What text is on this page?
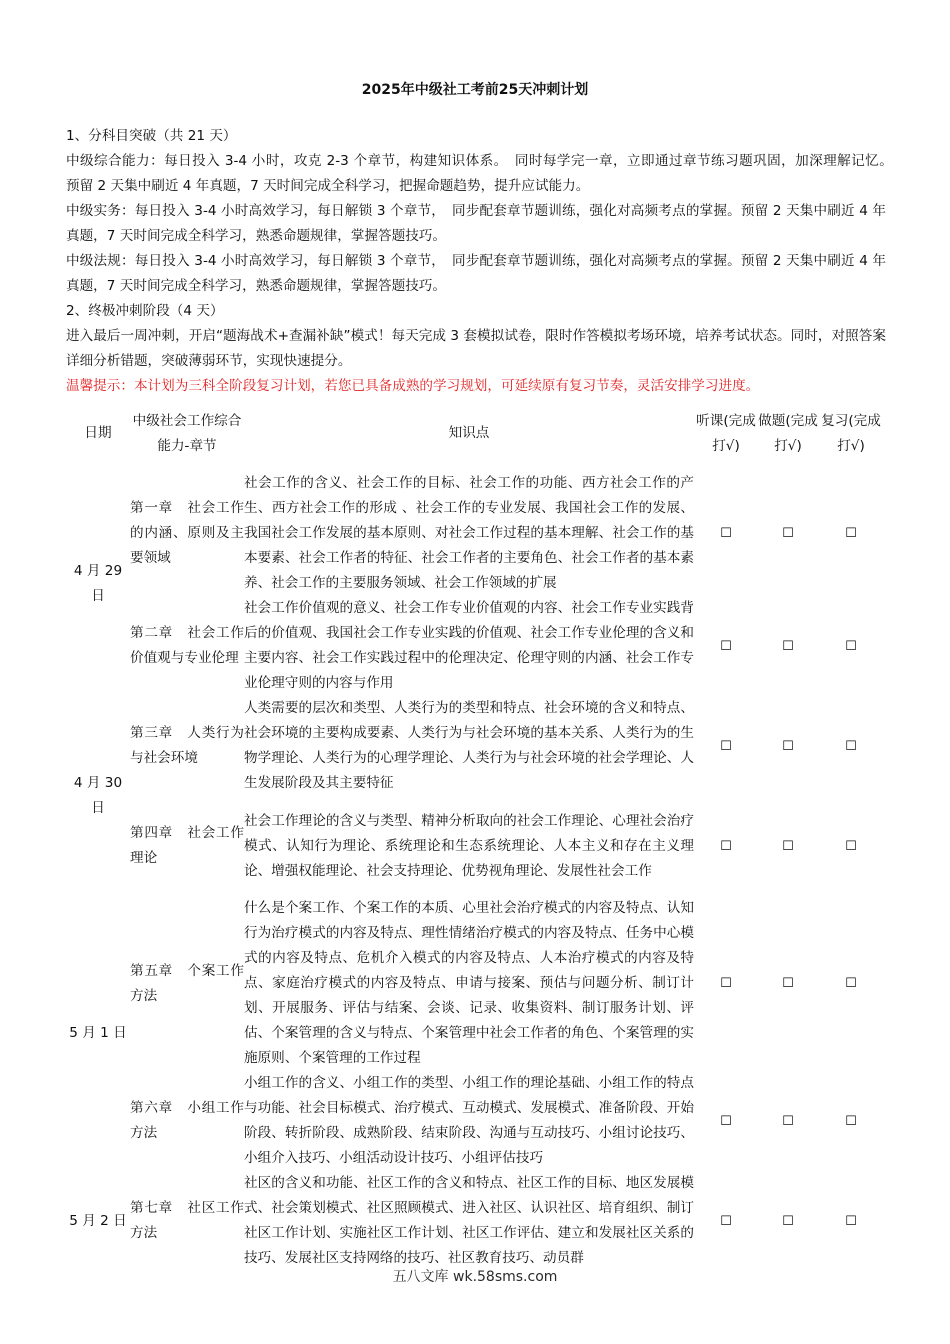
2025年中级社工考前25天冲刺计划

1、分科目突破（共 21 天）

中级综合能力：每日投入 3-4 小时，攻克 2-3 个章节，构建知识体系。　同时每学完一章，立即通过章节练习题巩固，加深理解记忆。　预留 2 天集中刷近 4 年真题，7 天时间完成全科学习，把握命题趋势，提升应试能力。

中级实务：每日投入 3-4 小时高效学习，每日解锁 3 个章节，　同步配套章节题训练，强化对高频考点的掌握。预留 2 天集中刷近 4 年真题，7 天时间完成全科学习，熟悉命题规律，掌握答题技巧。

中级法规：每日投入 3-4 小时高效学习，每日解锁 3 个章节，　同步配套章节题训练，强化对高频考点的掌握。预留 2 天集中刷近 4 年真题，7 天时间完成全科学习，熟悉命题规律，掌握答题技巧。

2、终极冲刺阶段（4 天）

进入最后一周冲刺，开启“题海战术+查漏补缺”模式！每天完成 3 套模拟试卷，限时作答模拟考场环境，培养考试状态。同时，对照答案详细分析错题，突破薄弱环节，实现快速提分。

温馨提示：本计划为三科全阶段复习计划，若您已具备成熟的学习规划，可延续原有复习节奏，灵活安排学习进度。

日期	中级社会工作综合能力-章节	知识点	听课(完成打√)	做题(完成打√)	复习(完成打√)
4 月 29 日	第一章　社会工作的内涵、原则及主要领域	社会工作的含义、社会工作的目标、社会工作的功能、西方社会工作的产生、西方社会工作的形成 、社会工作的专业发展、我国社会工作的发展、我国社会工作发展的基本原则、对社会工作过程的基本理解、社会工作的基本要素、社会工作者的特征、社会工作者的主要角色、社会工作者的基本素养、社会工作的主要服务领域、社会工作领域的扩展	☐	☐	☐
	第二章　社会工作价值观与专业伦理	社会工作价值观的意义、社会工作专业价值观的内容、社会工作专业实践背后的价值观、我国社会工作专业实践的价值观、社会工作专业伦理的含义和主要内容、社会工作实践过程中的伦理决定、伦理守则的内涵、社会工作专业伦理守则的内容与作用	☐	☐	☐
4 月 30 日	第三章　人类行为与社会环境	人类需要的层次和类型、人类行为的类型和特点、社会环境的含义和特点、社会环境的主要构成要素、人类行为与社会环境的基本关系、人类行为的生物学理论、人类行为的心理学理论、人类行为与社会环境的社会学理论、人生发展阶段及其主要特征	☐	☐	☐
	第四章　社会工作理论	社会工作理论的含义与类型、精神分析取向的社会工作理论、心理社会治疗模式、认知行为理论、系统理论和生态系统理论、人本主义和存在主义理论、增强权能理论、社会支持理论、优势视角理论、发展性社会工作	☐	☐	☐
5 月 1 日	第五章　个案工作方法	什么是个案工作、个案工作的本质、心里社会治疗模式的内容及特点、认知行为治疗模式的内容及特点、理性情绪治疗模式的内容及特点、任务中心模式的内容及特点、危机介入模式的内容及特点、人本治疗模式的内容及特点、家庭治疗模式的内容及特点、申请与接案、预估与问题分析、制订计划、开展服务、评估与结案、会谈、记录、收集资料、制订服务计划、评估、个案管理的含义与特点、个案管理中社会工作者的角色、个案管理的实施原则、个案管理的工作过程	☐	☐	☐
	第六章　小组工作方法	小组工作的含义、小组工作的类型、小组工作的理论基础、小组工作的特点与功能、社会目标模式、治疗模式、互动模式、发展模式、准备阶段、开始阶段、转折阶段、成熟阶段、结束阶段、沟通与互动技巧、小组讨论技巧、小组介入技巧、小组活动设计技巧、小组评估技巧	☐	☐	☐
5 月 2 日	第七章　社区工作方法	社区的含义和功能、社区工作的含义和特点、社区工作的目标、地区发展模式、社会策划模式、社区照顾模式、进入社区、认识社区、培育组织、制订社区工作计划、实施社区工作计划、社区工作评估、建立和发展社区关系的技巧、发展社区支持网络的技巧、社区教育技巧、动员群	☐	☐	☐
五八文库 wk.58sms.com
